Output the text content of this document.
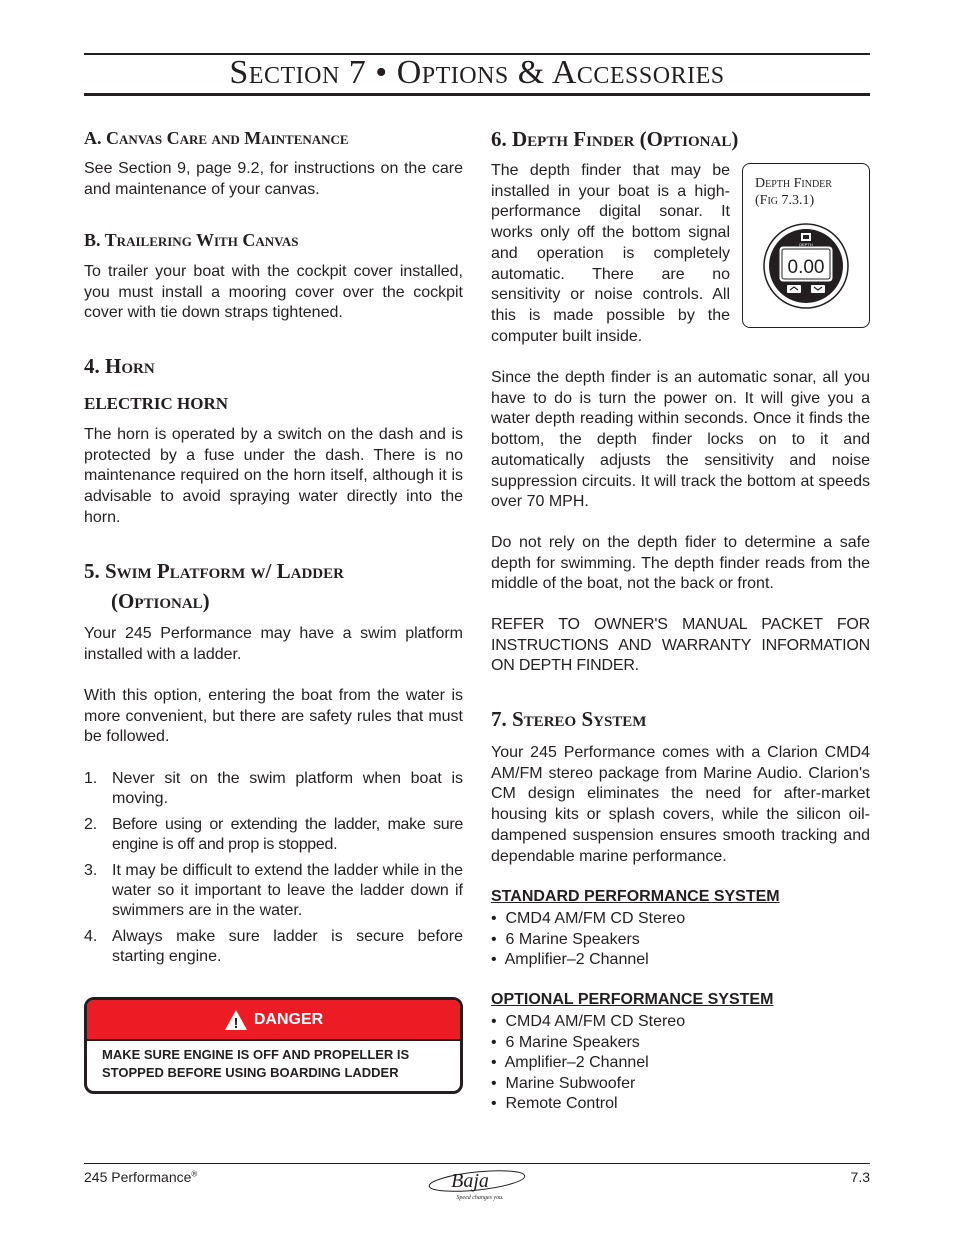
Section 7 • Options & Accessories
A. Canvas Care and Maintenance
See Section 9, page 9.2, for instructions on the care and maintenance of your canvas.
B. Trailering With Canvas
To trailer your boat with the cockpit cover installed, you must install a mooring cover over the cockpit cover with tie down straps tightened.
4. Horn
ELECTRIC HORN
The horn is operated by a switch on the dash and is protected by a fuse under the dash. There is no maintenance required on the horn itself, although it is advisable to avoid spraying water directly into the horn.
5. Swim Platform w/ Ladder
(Optional)
Your 245 Performance may have a swim platform installed with a ladder.
With this option, entering the boat from the water is more convenient, but there are safety rules that must be followed.
1. Never sit on the swim platform when boat is moving.
2. Before using or extending the ladder, make sure engine is off and prop is stopped.
3. It may be difficult to extend the ladder while in the water so it important to leave the ladder down if swimmers are in the water.
4. Always make sure ladder is secure before starting engine.
! DANGER
MAKE SURE ENGINE IS OFF AND PROPELLER IS STOPPED BEFORE USING BOARDING LADDER
6. Depth Finder (Optional)
The depth finder that may be installed in your boat is a high-performance digital sonar. It works only off the bottom signal and operation is completely automatic. There are no sensitivity or noise controls. All this is made possible by the computer built inside.
Depth Finder
(Fig 7.3.1)
DEPTH
0.00
Since the depth finder is an automatic sonar, all you have to do is turn the power on. It will give you a water depth reading within seconds. Once it finds the bottom, the depth finder locks on to it and automatically adjusts the sensitivity and noise suppression circuits. It will track the bottom at speeds over 70 MPH.
Do not rely on the depth fider to determine a safe depth for swimming. The depth finder reads from the middle of the boat, not the back or front.
REFER TO OWNER'S MANUAL PACKET FOR INSTRUCTIONS AND WARRANTY INFORMATION ON DEPTH FINDER.
7. Stereo System
Your 245 Performance comes with a Clarion CMD4 AM/FM stereo package from Marine Audio. Clarion's CM design eliminates the need for after-market housing kits or splash covers, while the silicon oil-dampened suspension ensures smooth tracking and dependable marine performance.
STANDARD PERFORMANCE SYSTEM
•  CMD4 AM/FM CD Stereo
•  6 Marine Speakers
•  Amplifier–2 Channel
OPTIONAL PERFORMANCE SYSTEM
•  CMD4 AM/FM CD Stereo
•  6 Marine Speakers
•  Amplifier–2 Channel
•  Marine Subwoofer
•  Remote Control
245 Performance®	Baja
Speed changes you.
7.3
